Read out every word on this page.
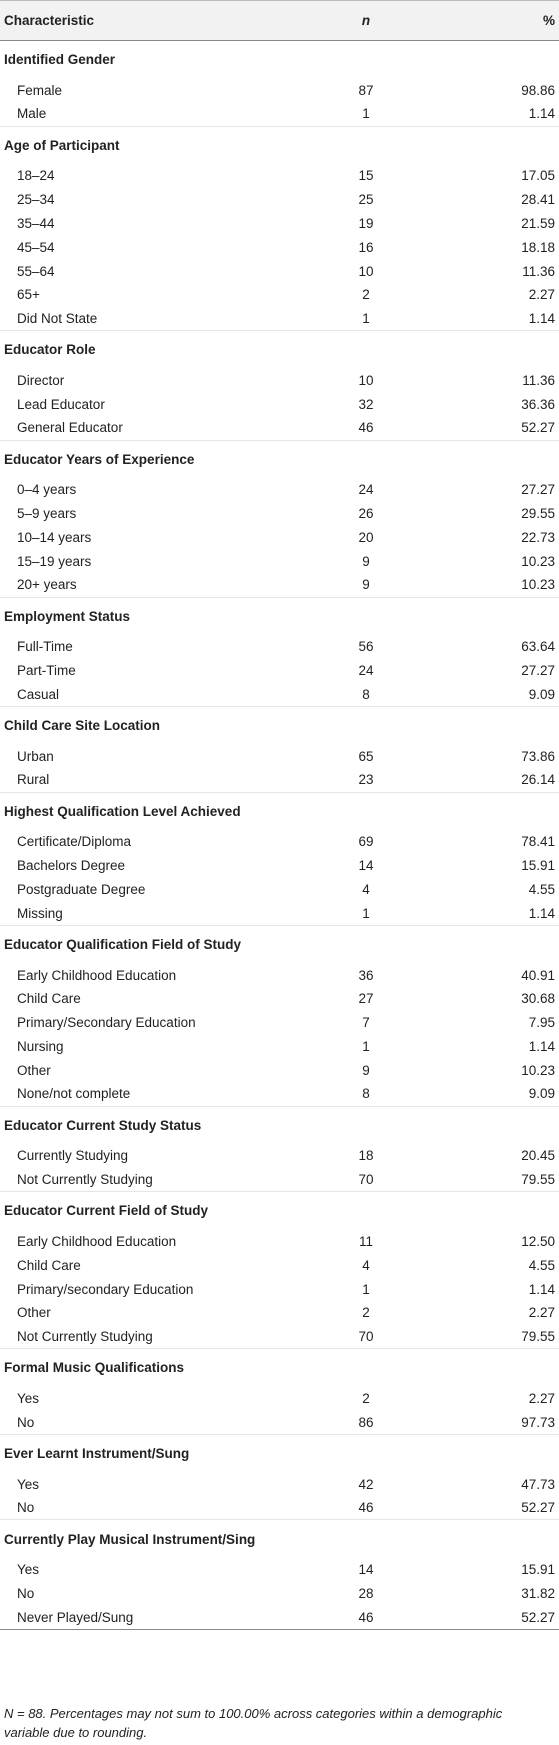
Characteristic	n	%
Identified Gender		
Female	87	98.86
Male	1	1.14
Age of Participant		
18–24	15	17.05
25–34	25	28.41
35–44	19	21.59
45–54	16	18.18
55–64	10	11.36
65+	2	2.27
Did Not State	1	1.14
Educator Role		
Director	10	11.36
Lead Educator	32	36.36
General Educator	46	52.27
Educator Years of Experience		
0–4 years	24	27.27
5–9 years	26	29.55
10–14 years	20	22.73
15–19 years	9	10.23
20+ years	9	10.23
Employment Status		
Full-Time	56	63.64
Part-Time	24	27.27
Casual	8	9.09
Child Care Site Location		
Urban	65	73.86
Rural	23	26.14
Highest Qualification Level Achieved		
Certificate/Diploma	69	78.41
Bachelors Degree	14	15.91
Postgraduate Degree	4	4.55
Missing	1	1.14
Educator Qualification Field of Study		
Early Childhood Education	36	40.91
Child Care	27	30.68
Primary/Secondary Education	7	7.95
Nursing	1	1.14
Other	9	10.23
None/not complete	8	9.09
Educator Current Study Status		
Currently Studying	18	20.45
Not Currently Studying	70	79.55
Educator Current Field of Study		
Early Childhood Education	11	12.50
Child Care	4	4.55
Primary/secondary Education	1	1.14
Other	2	2.27
Not Currently Studying	70	79.55
Formal Music Qualifications		
Yes	2	2.27
No	86	97.73
Ever Learnt Instrument/Sung		
Yes	42	47.73
No	46	52.27
Currently Play Musical Instrument/Sing		
Yes	14	15.91
No	28	31.82
Never Played/Sung	46	52.27
N = 88. Percentages may not sum to 100.00% across categories within a demographic variable due to rounding.
